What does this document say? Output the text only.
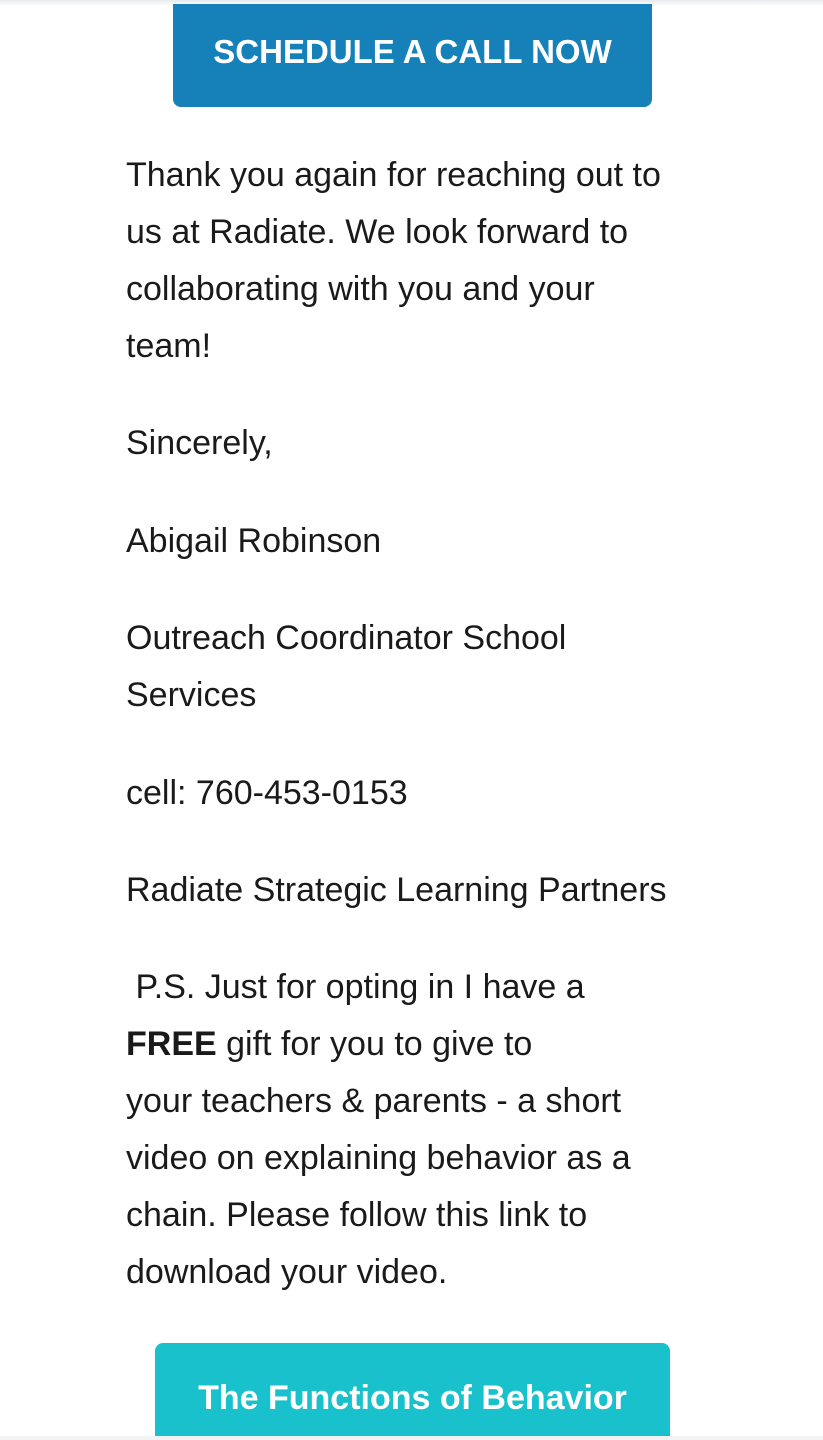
SCHEDULE A CALL NOW

Thank you again for reaching out to
us at Radiate. We look forward to
collaborating with you and your
team!

Sincerely,

Abigail Robinson

Outreach Coordinator School
Services

cell: 760-453-0153

Radiate Strategic Learning Partners

P.S. Just for opting in I have a
FREE gift for you to give to
your teachers & parents - a short
video on explaining behavior as a
chain. Please follow this link to
download your video.

The Functions of Behavior
